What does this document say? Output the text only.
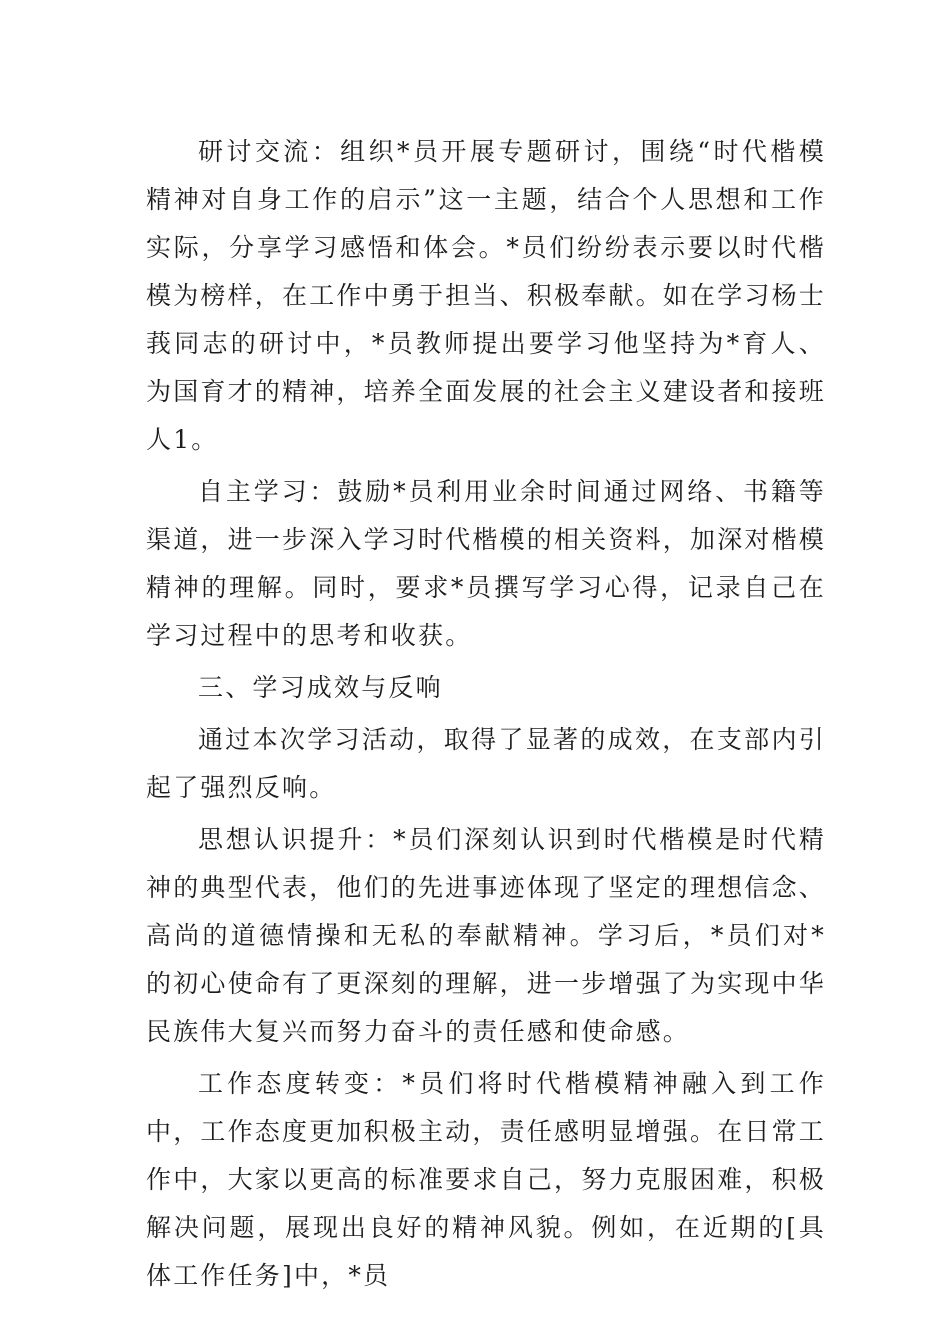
研讨交流：组织*员开展专题研讨，围绕“时代楷模精神对自身工作的启示”这一主题，结合个人思想和工作实际，分享学习感悟和体会。*员们纷纷表示要以时代楷模为榜样，在工作中勇于担当、积极奉献。如在学习杨士莪同志的研讨中，*员教师提出要学习他坚持为*育人、为国育才的精神，培养全面发展的社会主义建设者和接班人1。

自主学习：鼓励*员利用业余时间通过网络、书籍等渠道，进一步深入学习时代楷模的相关资料，加深对楷模精神的理解。同时，要求*员撰写学习心得，记录自己在学习过程中的思考和收获。

三、学习成效与反响

通过本次学习活动，取得了显著的成效，在支部内引起了强烈反响。

思想认识提升：*员们深刻认识到时代楷模是时代精神的典型代表，他们的先进事迹体现了坚定的理想信念、高尚的道德情操和无私的奉献精神。学习后，*员们对*的初心使命有了更深刻的理解，进一步增强了为实现中华民族伟大复兴而努力奋斗的责任感和使命感。

工作态度转变：*员们将时代楷模精神融入到工作中，工作态度更加积极主动，责任感明显增强。在日常工作中，大家以更高的标准要求自己，努力克服困难，积极解决问题，展现出良好的精神风貌。例如，在近期的[具体工作任务]中，*员
